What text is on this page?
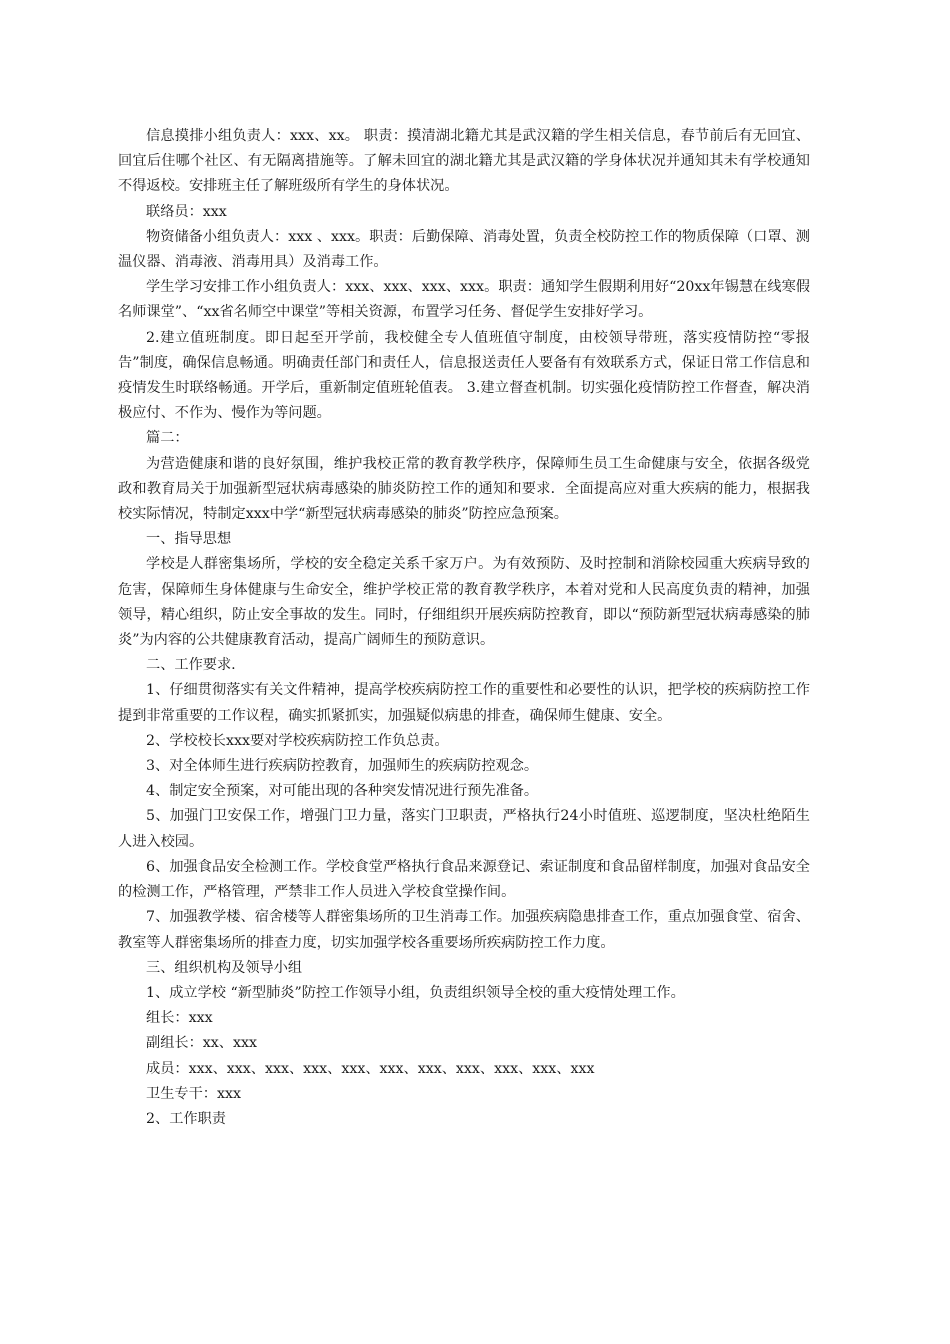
信息摸排小组负责人：xxx、xx。 职责：摸清湖北籍尤其是武汉籍的学生相关信息，春节前后有无回宜、回宜后住哪个社区、有无隔离措施等。了解未回宜的湖北籍尤其是武汉籍的学身体状况并通知其未有学校通知不得返校。安排班主任了解班级所有学生的身体状况。

联络员：xxx

物资储备小组负责人：xxx 、xxx。职责：后勤保障、消毒处置，负责全校防控工作的物质保障（口罩、测温仪器、消毒液、消毒用具）及消毒工作。

学生学习安排工作小组负责人：xxx、xxx、xxx、xxx。职责：通知学生假期利用好“20xx年锡慧在线寒假名师课堂”、“xx省名师空中课堂”等相关资源，布置学习任务、督促学生安排好学习。

2.建立值班制度。即日起至开学前，我校健全专人值班值守制度，由校领导带班，落实疫情防控“零报告”制度，确保信息畅通。明确责任部门和责任人，信息报送责任人要备有有效联系方式，保证日常工作信息和疫情发生时联络畅通。开学后，重新制定值班轮值表。 3.建立督查机制。切实强化疫情防控工作督查，解决消极应付、不作为、慢作为等问题。

篇二：

为营造健康和谐的良好氛围，维护我校正常的教育教学秩序，保障师生员工生命健康与安全，依据各级党政和教育局关于加强新型冠状病毒感染的肺炎防控工作的通知和要求．全面提高应对重大疾病的能力，根据我校实际情况，特制定xxx中学“新型冠状病毒感染的肺炎”防控应急预案。

一、指导思想

学校是人群密集场所，学校的安全稳定关系千家万户。为有效预防、及时控制和消除校园重大疾病导致的危害，保障师生身体健康与生命安全，维护学校正常的教育教学秩序，本着对党和人民高度负责的精神，加强领导，精心组织，防止安全事故的发生。同时，仔细组织开展疾病防控教育，即以“预防新型冠状病毒感染的肺炎”为内容的公共健康教育活动，提高广阔师生的预防意识。

二、工作要求.

1、仔细贯彻落实有关文件精神，提高学校疾病防控工作的重要性和必要性的认识，把学校的疾病防控工作提到非常重要的工作议程，确实抓紧抓实，加强疑似病患的排查，确保师生健康、安全。

2、学校校长xxx要对学校疾病防控工作负总责。

3、对全体师生进行疾病防控教育，加强师生的疾病防控观念。

4、制定安全预案，对可能出现的各种突发情况进行预先准备。

5、加强门卫安保工作，增强门卫力量，落实门卫职责，严格执行24小时值班、巡逻制度，坚决杜绝陌生人进入校园。

6、加强食品安全检测工作。学校食堂严格执行食品来源登记、索证制度和食品留样制度，加强对食品安全的检测工作，严格管理，严禁非工作人员进入学校食堂操作间。

7、加强教学楼、宿舍楼等人群密集场所的卫生消毒工作。加强疾病隐患排查工作，重点加强食堂、宿舍、教室等人群密集场所的排查力度，切实加强学校各重要场所疾病防控工作力度。

三、组织机构及领导小组

1、成立学校 “新型肺炎”防控工作领导小组，负责组织领导全校的重大疫情处理工作。

组长：xxx

副组长：xx、xxx

成员：xxx、xxx、xxx、xxx、xxx、xxx、xxx、xxx、xxx、xxx、xxx

卫生专干：xxx

2、工作职责
